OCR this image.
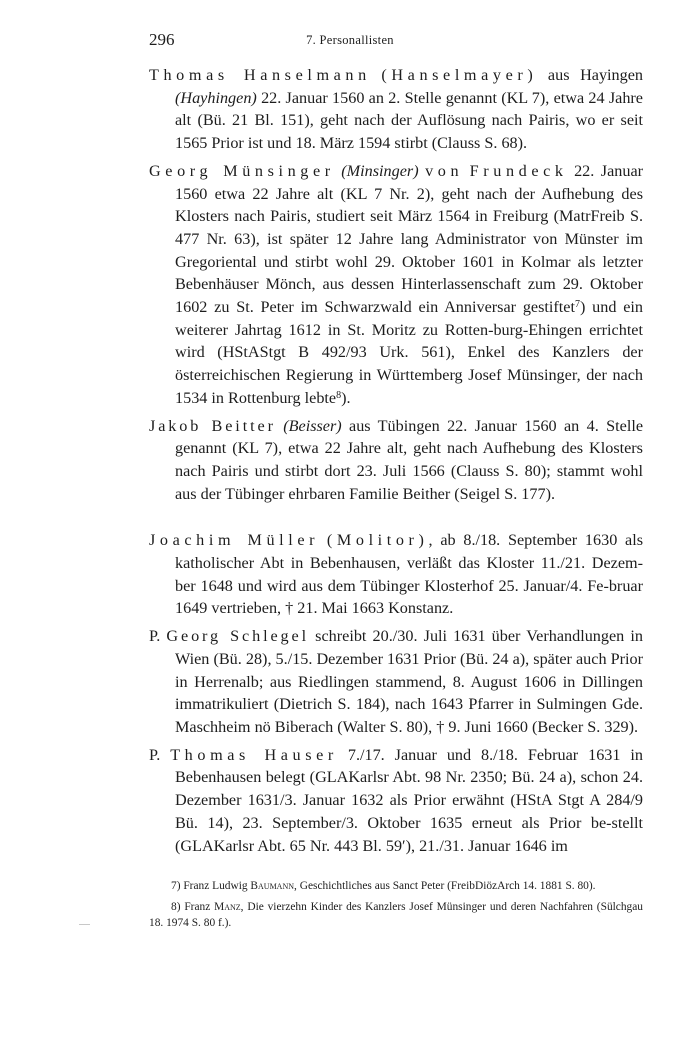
296	7. Personallisten

Thomas Hanselmann (Hanselmayer) aus Hayingen (Hayhingen) 22. Januar 1560 an 2. Stelle genannt (KL 7), etwa 24 Jahre alt (Bü. 21 Bl. 151), geht nach der Auflösung nach Pairis, wo er seit 1565 Prior ist und 18. März 1594 stirbt (Clauss S. 68).

Georg Münsinger (Minsinger) von Frundeck 22. Januar 1560 etwa 22 Jahre alt (KL 7 Nr. 2), geht nach der Aufhebung des Klosters nach Pairis, studiert seit März 1564 in Freiburg (MatrFreib S. 477 Nr. 63), ist später 12 Jahre lang Administrator von Münster im Gregoriental und stirbt wohl 29. Oktober 1601 in Kolmar als letzter Bebenhäuser Mönch, aus dessen Hinterlassenschaft zum 29. Oktober 1602 zu St. Peter im Schwarzwald ein Anniversar gestiftet$^7$) und ein weiterer Jahrtag 1612 in St. Moritz zu Rotten-burg-Ehingen errichtet wird (HStAStgt B 492/93 Urk. 561), Enkel des Kanzlers der österreichischen Regierung in Württemberg Josef Münsinger, der nach 1534 in Rottenburg lebte$^8$).

Jakob Beitter (Beisser) aus Tübingen 22. Januar 1560 an 4. Stelle genannt (KL 7), etwa 22 Jahre alt, geht nach Aufhebung des Klosters nach Pairis und stirbt dort 23. Juli 1566 (Clauss S. 80); stammt wohl aus der Tübinger ehrbaren Familie Beither (Seigel S. 177).

Joachim Müller (Molitor), ab 8./18. September 1630 als katholischer Abt in Bebenhausen, verläßt das Kloster 11./21. Dezem-ber 1648 und wird aus dem Tübinger Klosterhof 25. Januar/4. Fe-bruar 1649 vertrieben, † 21. Mai 1663 Konstanz.

P. Georg Schlegel schreibt 20./30. Juli 1631 über Verhandlungen in Wien (Bü. 28), 5./15. Dezember 1631 Prior (Bü. 24 a), später auch Prior in Herrenalb; aus Riedlingen stammend, 8. August 1606 in Dillingen immatrikuliert (Dietrich S. 184), nach 1643 Pfarrer in Sulmingen Gde. Maschheim nö Biberach (Walter S. 80), † 9. Juni 1660 (Becker S. 329).

P. Thomas Hauser 7./17. Januar und 8./18. Februar 1631 in Bebenhausen belegt (GLAKarlsr Abt. 98 Nr. 2350; Bü. 24 a), schon 24. Dezember 1631/3. Januar 1632 als Prior erwähnt (HStA Stgt A 284/9 Bü. 14), 23. September/3. Oktober 1635 erneut als Prior be-stellt (GLAKarlsr Abt. 65 Nr. 443 Bl. 59′), 21./31. Januar 1646 im

7) Franz Ludwig Baumann, Geschichtliches aus Sanct Peter (FreibDiözArch 14. 1881 S. 80).

8) Franz Manz, Die vierzehn Kinder des Kanzlers Josef Münsinger und deren Nachfahren (Sülchgau 18. 1974 S. 80 f.).
